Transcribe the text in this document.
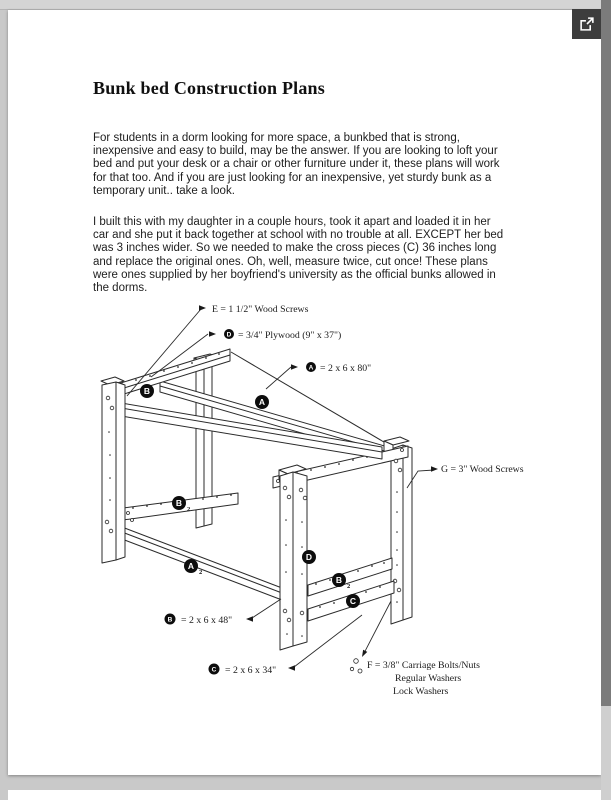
Bunk bed Construction Plans
For students in a dorm looking for more space, a bunkbed that is strong,
inexpensive and easy to build, may be the answer. If you are looking to loft your
bed and put your desk or a chair or other furniture under it, these plans will work
for that too. And if you are just looking for an inexpensive, yet sturdy bunk as a
temporary unit.. take a look.
I built this with my daughter in a couple hours, took it apart and loaded it in her
car and she put it back together at school with no trouble at all. EXCEPT her bed
was 3 inches wider. So we needed to make the cross pieces (C) 36 inches long
and replace the original ones. Oh, well, measure twice, cut once! These plans
were ones supplied by her boyfriend's university as the official bunks allowed in
the dorms.
B
A
B
2
A
2
D
B
2
C
E = 1 1/2" Wood Screws
D = 3/4" Plywood (9" x 37")
A = 2 x 6 x 80"
G = 3" Wood Screws
B = 2 x 6 x 48"
C = 2 x 6 x 34"	F = 3/8" Carriage Bolts/Nuts
Regular Washers
Lock Washers
